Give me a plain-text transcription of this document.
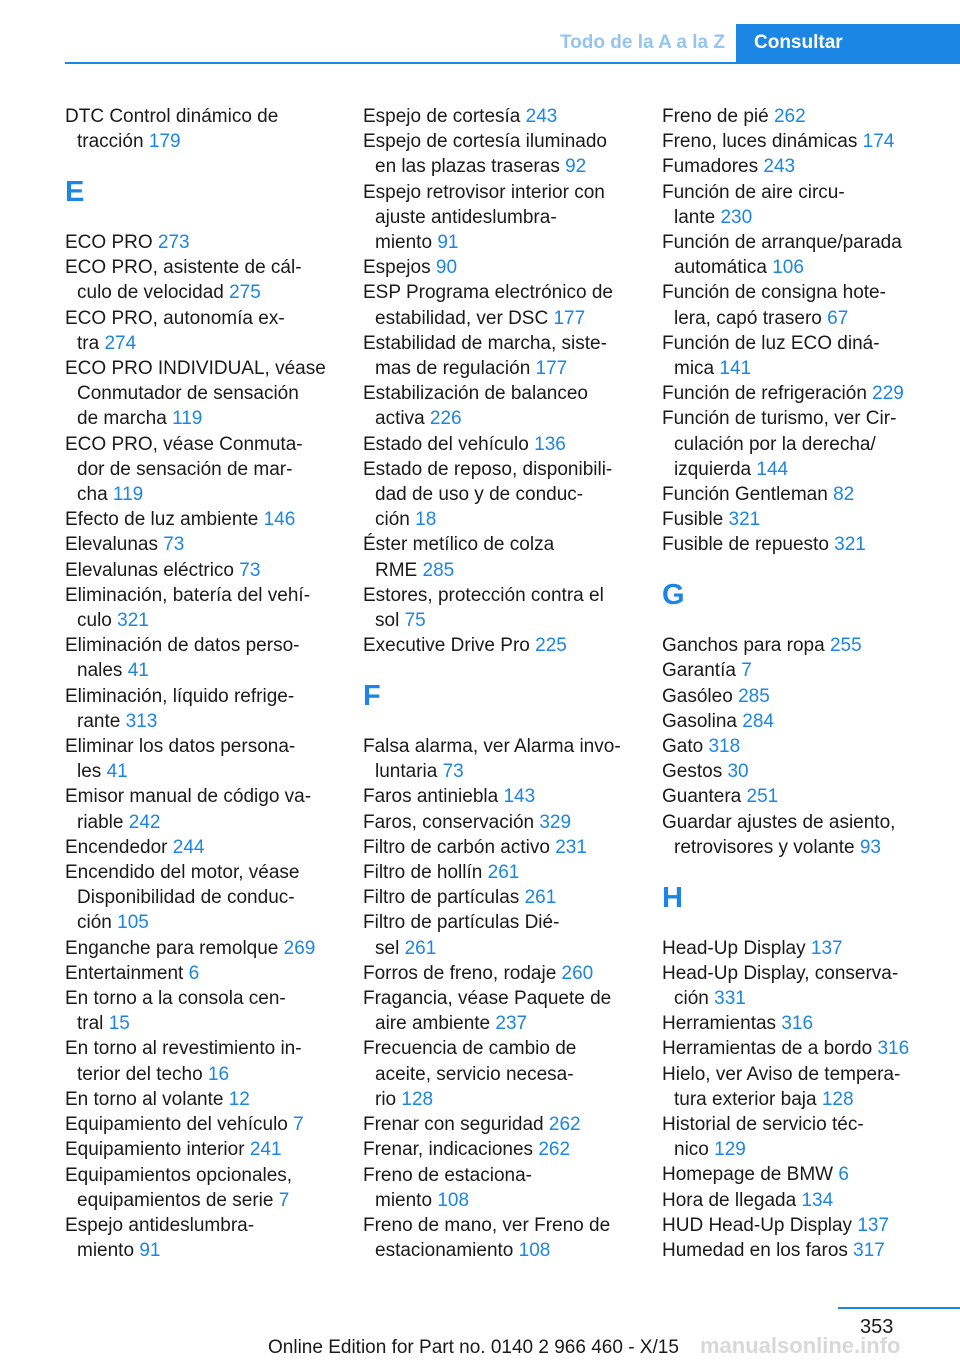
Todo de la A a la Z	Consultar
DTC Control dinámico de
tracción 179
E
ECO PRO 273
ECO PRO, asistente de cál-
culo de velocidad 275
ECO PRO, autonomía ex-
tra 274
ECO PRO INDIVIDUAL, véase
Conmutador de sensación
de marcha 119
ECO PRO, véase Conmuta-
dor de sensación de mar-
cha 119
Efecto de luz ambiente 146
Elevalunas 73
Elevalunas eléctrico 73
Eliminación, batería del vehí-
culo 321
Eliminación de datos perso-
nales 41
Eliminación, líquido refrige-
rante 313
Eliminar los datos persona-
les 41
Emisor manual de código va-
riable 242
Encendedor 244
Encendido del motor, véase
Disponibilidad de conduc-
ción 105
Enganche para remolque 269
Entertainment 6
En torno a la consola cen-
tral 15
En torno al revestimiento in-
terior del techo 16
En torno al volante 12
Equipamiento del vehículo 7
Equipamiento interior 241
Equipamientos opcionales,
equipamientos de serie 7
Espejo antideslumbra-
miento 91
Espejo de cortesía 243
Espejo de cortesía iluminado
en las plazas traseras 92
Espejo retrovisor interior con
ajuste antideslumbra-
miento 91
Espejos 90
ESP Programa electrónico de
estabilidad, ver DSC 177
Estabilidad de marcha, siste-
mas de regulación 177
Estabilización de balanceo
activa 226
Estado del vehículo 136
Estado de reposo, disponibili-
dad de uso y de conduc-
ción 18
Éster metílico de colza
RME 285
Estores, protección contra el
sol 75
Executive Drive Pro 225
F
Falsa alarma, ver Alarma invo-
luntaria 73
Faros antiniebla 143
Faros, conservación 329
Filtro de carbón activo 231
Filtro de hollín 261
Filtro de partículas 261
Filtro de partículas Dié-
sel 261
Forros de freno, rodaje 260
Fragancia, véase Paquete de
aire ambiente 237
Frecuencia de cambio de
aceite, servicio necesa-
rio 128
Frenar con seguridad 262
Frenar, indicaciones 262
Freno de estaciona-
miento 108
Freno de mano, ver Freno de
estacionamiento 108
Freno de pié 262
Freno, luces dinámicas 174
Fumadores 243
Función de aire circu-
lante 230
Función de arranque/parada
automática 106
Función de consigna hote-
lera, capó trasero 67
Función de luz ECO diná-
mica 141
Función de refrigeración 229
Función de turismo, ver Cir-
culación por la derecha/
izquierda 144
Función Gentleman 82
Fusible 321
Fusible de repuesto 321
G
Ganchos para ropa 255
Garantía 7
Gasóleo 285
Gasolina 284
Gato 318
Gestos 30
Guantera 251
Guardar ajustes de asiento,
retrovisores y volante 93
H
Head-Up Display 137
Head-Up Display, conserva-
ción 331
Herramientas 316
Herramientas de a bordo 316
Hielo, ver Aviso de tempera-
tura exterior baja 128
Historial de servicio téc-
nico 129
Homepage de BMW 6
Hora de llegada 134
HUD Head-Up Display 137
Humedad en los faros 317
353
Online Edition for Part no. 0140 2 966 460 - X/15 manualsonline.info
